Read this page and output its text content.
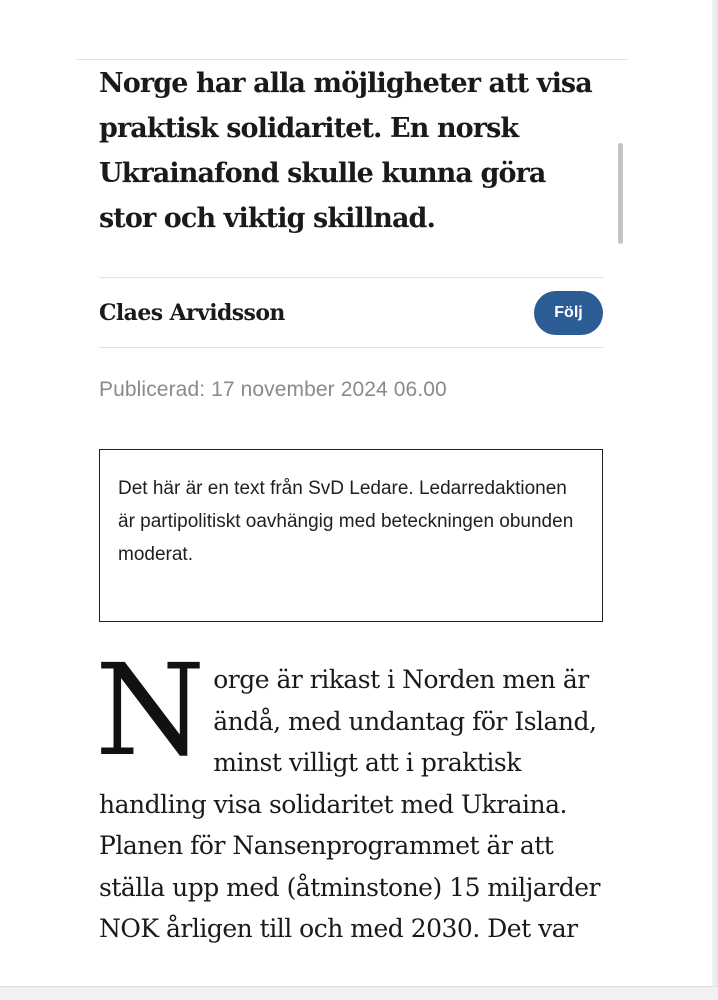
Norge har alla möjligheter att visa praktisk solidaritet. En norsk Ukrainafond skulle kunna göra stor och viktig skillnad.

Claes Arvidsson	Följ
Publicerad: 17 november 2024 06.00
Det här är en text från SvD Ledare. Ledarredaktionen är partipolitiskt oavhängig med beteckningen obunden moderat.
Norge är rikast i Norden men är ändå, med undantag för Island, minst villigt att i praktisk handling visa solidaritet med Ukraina. Planen för Nansenprogrammet är att ställa upp med (åtminstone) 15 miljarder NOK årligen till och med 2030. Det var
